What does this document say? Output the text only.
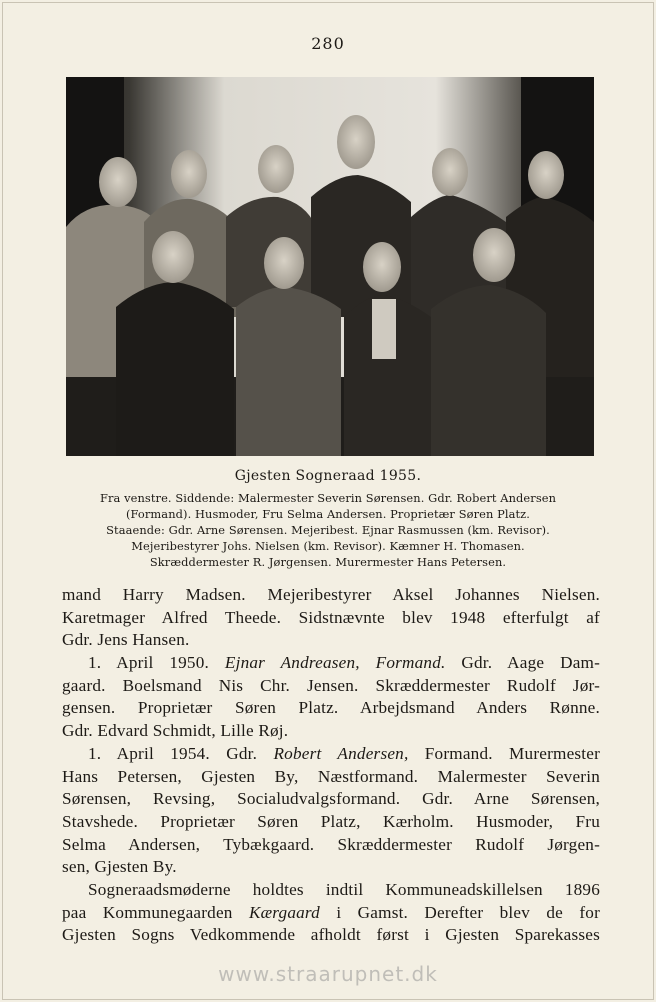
280
Gjesten Sogneraad 1955.
Fra venstre. Siddende: Malermester Severin Sørensen. Gdr. Robert Andersen
(Formand). Husmoder, Fru Selma Andersen. Proprietær Søren Platz.
Staaende: Gdr. Arne Sørensen. Mejeribest. Ejnar Rasmussen (km. Revisor).
Mejeribestyrer Johs. Nielsen (km. Revisor). Kæmner H. Thomasen.
Skræddermester R. Jørgensen. Murermester Hans Petersen.
mand Harry Madsen. Mejeribestyrer Aksel Johannes Nielsen.
Karetmager Alfred Theede. Sidstnævnte blev 1948 efterfulgt af
Gdr. Jens Hansen.
1. April 1950. Ejnar Andreasen, Formand. Gdr. Aage Dam-
gaard. Boelsmand Nis Chr. Jensen. Skræddermester Rudolf Jør-
gensen. Proprietær Søren Platz. Arbejdsmand Anders Rønne.
Gdr. Edvard Schmidt, Lille Røj.
1. April 1954. Gdr. Robert Andersen, Formand. Murermester
Hans Petersen, Gjesten By, Næstformand. Malermester Severin
Sørensen, Revsing, Socialudvalgsformand. Gdr. Arne Sørensen,
Stavshede. Proprietær Søren Platz, Kærholm. Husmoder, Fru
Selma Andersen, Tybækgaard. Skræddermester Rudolf Jørgen-
sen, Gjesten By.
Sogneraadsmøderne holdtes indtil Kommuneadskillelsen 1896
paa Kommunegaarden Kærgaard i Gamst. Derefter blev de for
Gjesten Sogns Vedkommende afholdt først i Gjesten Sparekasses
www.straarupnet.dk
